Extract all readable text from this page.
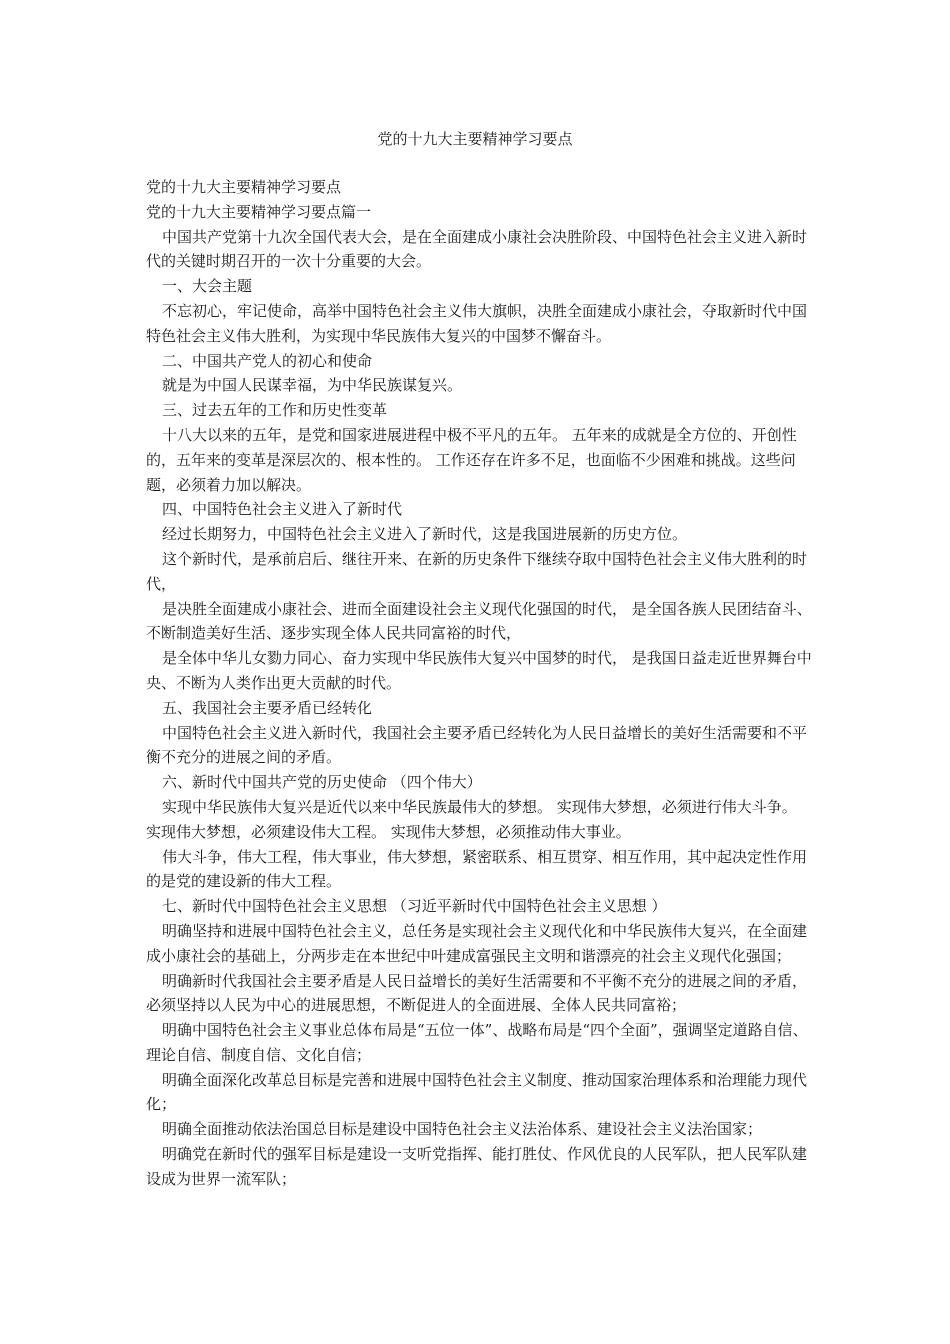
党的十九大主要精神学习要点

党的十九大主要精神学习要点

党的十九大主要精神学习要点篇一

中国共产党第十九次全国代表大会，是在全面建成小康社会决胜阶段、中国特色社会主义进入新时代的关键时期召开的一次十分重要的大会。

一、大会主题

不忘初心，牢记使命，高举中国特色社会主义伟大旗帜，决胜全面建成小康社会，夺取新时代中国特色社会主义伟大胜利，为实现中华民族伟大复兴的中国梦不懈奋斗。

二、中国共产党人的初心和使命

就是为中国人民谋幸福，为中华民族谋复兴。

三、过去五年的工作和历史性变革

十八大以来的五年，是党和国家进展进程中极不平凡的五年。 五年来的成就是全方位的、开创性的，五年来的变革是深层次的、根本性的。 工作还存在许多不足，也面临不少困难和挑战。这些问题，必须着力加以解决。

四、中国特色社会主义进入了新时代

经过长期努力，中国特色社会主义进入了新时代，这是我国进展新的历史方位。

这个新时代，是承前启后、继往开来、在新的历史条件下继续夺取中国特色社会主义伟大胜利的时代，

是决胜全面建成小康社会、进而全面建设社会主义现代化强国的时代， 是全国各族人民团结奋斗、不断制造美好生活、逐步实现全体人民共同富裕的时代，

是全体中华儿女勠力同心、奋力实现中华民族伟大复兴中国梦的时代， 是我国日益走近世界舞台中央、不断为人类作出更大贡献的时代。

五、我国社会主要矛盾已经转化

中国特色社会主义进入新时代，我国社会主要矛盾已经转化为人民日益增长的美好生活需要和不平衡不充分的进展之间的矛盾。

六、新时代中国共产党的历史使命 （四个伟大）

实现中华民族伟大复兴是近代以来中华民族最伟大的梦想。 实现伟大梦想，必须进行伟大斗争。 实现伟大梦想，必须建设伟大工程。 实现伟大梦想，必须推动伟大事业。

伟大斗争，伟大工程，伟大事业，伟大梦想，紧密联系、相互贯穿、相互作用，其中起决定性作用的是党的建设新的伟大工程。

七、新时代中国特色社会主义思想 （习近平新时代中国特色社会主义思想 ）

明确坚持和进展中国特色社会主义，总任务是实现社会主义现代化和中华民族伟大复兴，在全面建成小康社会的基础上，分两步走在本世纪中叶建成富强民主文明和谐漂亮的社会主义现代化强国；

明确新时代我国社会主要矛盾是人民日益增长的美好生活需要和不平衡不充分的进展之间的矛盾，必须坚持以人民为中心的进展思想，不断促进人的全面进展、全体人民共同富裕；

明确中国特色社会主义事业总体布局是“五位一体”、战略布局是“四个全面”，强调坚定道路自信、理论自信、制度自信、文化自信；

明确全面深化改革总目标是完善和进展中国特色社会主义制度、推动国家治理体系和治理能力现代化；

明确全面推动依法治国总目标是建设中国特色社会主义法治体系、建设社会主义法治国家；

明确党在新时代的强军目标是建设一支听党指挥、能打胜仗、作风优良的人民军队，把人民军队建设成为世界一流军队；
